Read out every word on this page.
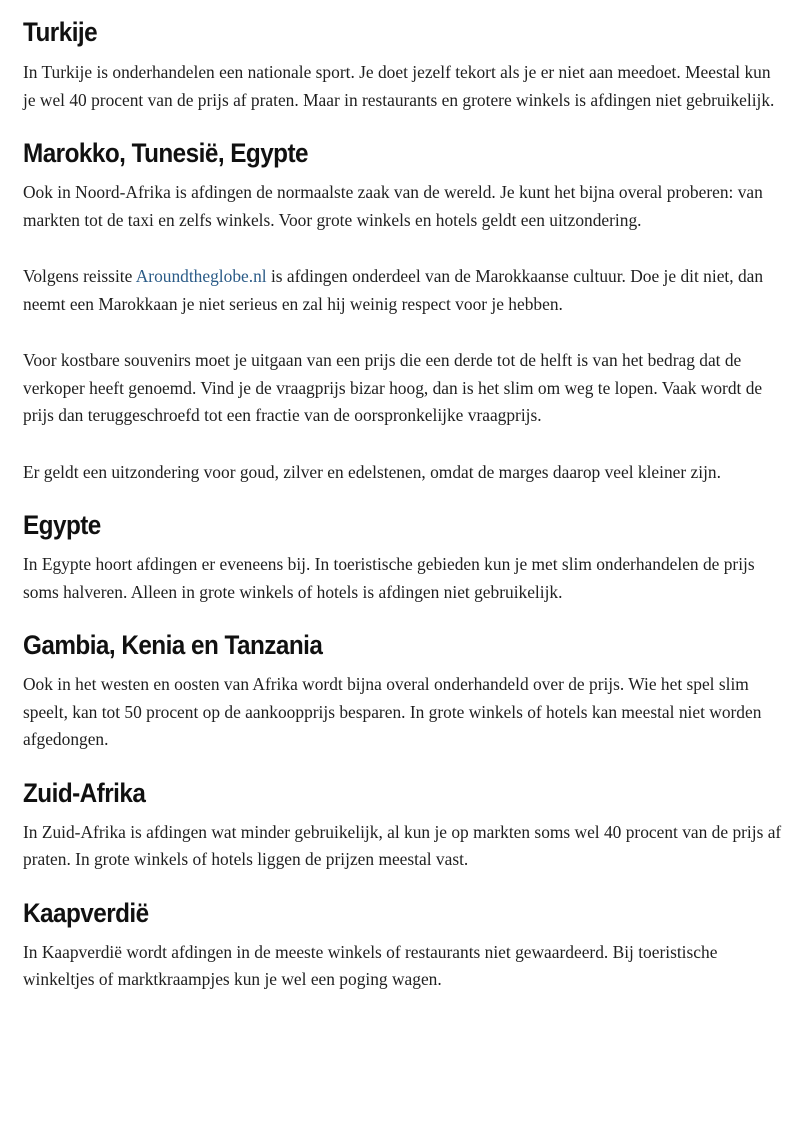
Turkije

In Turkije is onderhandelen een nationale sport. Je doet jezelf tekort als je er niet aan meedoet. Meestal kun je wel 40 procent van de prijs af praten. Maar in restaurants en grotere winkels is afdingen niet gebruikelijk.

Marokko, Tunesië, Egypte

Ook in Noord-Afrika is afdingen de normaalste zaak van de wereld. Je kunt het bijna overal proberen: van markten tot de taxi en zelfs winkels. Voor grote winkels en hotels geldt een uitzondering.

Volgens reissite Aroundtheglobe.nl is afdingen onderdeel van de Marokkaanse cultuur. Doe je dit niet, dan neemt een Marokkaan je niet serieus en zal hij weinig respect voor je hebben.

Voor kostbare souvenirs moet je uitgaan van een prijs die een derde tot de helft is van het bedrag dat de verkoper heeft genoemd. Vind je de vraagprijs bizar hoog, dan is het slim om weg te lopen. Vaak wordt de prijs dan teruggeschroefd tot een fractie van de oorspronkelijke vraagprijs.

Er geldt een uitzondering voor goud, zilver en edelstenen, omdat de marges daarop veel kleiner zijn.

Egypte

In Egypte hoort afdingen er eveneens bij. In toeristische gebieden kun je met slim onderhandelen de prijs soms halveren. Alleen in grote winkels of hotels is afdingen niet gebruikelijk.

Gambia, Kenia en Tanzania

Ook in het westen en oosten van Afrika wordt bijna overal onderhandeld over de prijs. Wie het spel slim speelt, kan tot 50 procent op de aankoopprijs besparen. In grote winkels of hotels kan meestal niet worden afgedongen.

Zuid-Afrika

In Zuid-Afrika is afdingen wat minder gebruikelijk, al kun je op markten soms wel 40 procent van de prijs af praten. In grote winkels of hotels liggen de prijzen meestal vast.

Kaapverdië

In Kaapverdië wordt afdingen in de meeste winkels of restaurants niet gewaardeerd. Bij toeristische winkeltjes of marktkraampjes kun je wel een poging wagen.
